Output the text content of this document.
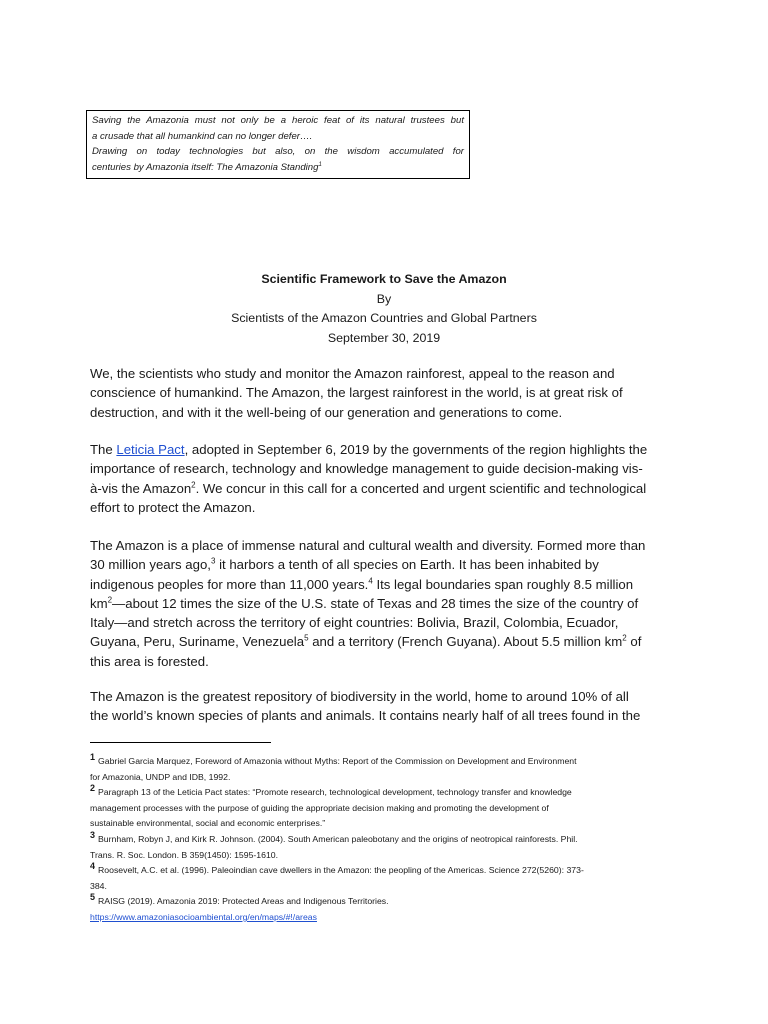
Saving the Amazonia must not only be a heroic feat of its natural trustees but
a crusade that all humankind can no longer defer….
Drawing on today technologies but also, on the wisdom accumulated for
centuries by Amazonia itself: The Amazonia Standing$^1$
Scientific Framework to Save the Amazon
By
Scientists of the Amazon Countries and Global Partners
September 30, 2019
We, the scientists who study and monitor the Amazon rainforest, appeal to the reason and
conscience of humankind. The Amazon, the largest rainforest in the world, is at great risk of
destruction, and with it the well-being of our generation and generations to come.
The Leticia Pact, adopted in September 6, 2019 by the governments of the region highlights the
importance of research, technology and knowledge management to guide decision-making vis-
à-vis the Amazon$^2$. We concur in this call for a concerted and urgent scientific and technological
effort to protect the Amazon.
The Amazon is a place of immense natural and cultural wealth and diversity. Formed more than
30 million years ago,$^3$ it harbors a tenth of all species on Earth. It has been inhabited by
indigenous peoples for more than 11,000 years.$^4$ Its legal boundaries span roughly 8.5 million
$km^2—about$ 12 times the size of the U.S. state of Texas and 28 times the size of the country of
Italy—and stretch across the territory of eight countries: Bolivia, Brazil, Colombia, Ecuador,
Guyana, Peru, Suriname, Venezuela$^5$ and a territory (French Guyana). About 5.5 million $km^2$ of
this area is forested.
The Amazon is the greatest repository of biodiversity in the world, home to around 10% of all
the world’s known species of plants and animals. It contains nearly half of all trees found in the
1 Gabriel Garcia Marquez, Foreword of Amazonia without Myths: Report of the Commission on Development and Environment
for Amazonia, UNDP and IDB, 1992.
2 Paragraph 13 of the Leticia Pact states: “Promote research, technological development, technology transfer and knowledge
management processes with the purpose of guiding the appropriate decision making and promoting the development of
sustainable environmental, social and economic enterprises.”
3 Burnham, Robyn J, and Kirk R. Johnson. (2004). South American paleobotany and the origins of neotropical rainforests. Phil.
Trans. R. Soc. London. B 359(1450): 1595-1610.
4 Roosevelt, A.C. et al. (1996). Paleoindian cave dwellers in the Amazon: the peopling of the Americas. Science 272(5260): 373-
384.
5 RAISG (2019). Amazonia 2019: Protected Areas and Indigenous Territories.
https://www.amazoniasocioambiental.org/en/maps/#!/areas
